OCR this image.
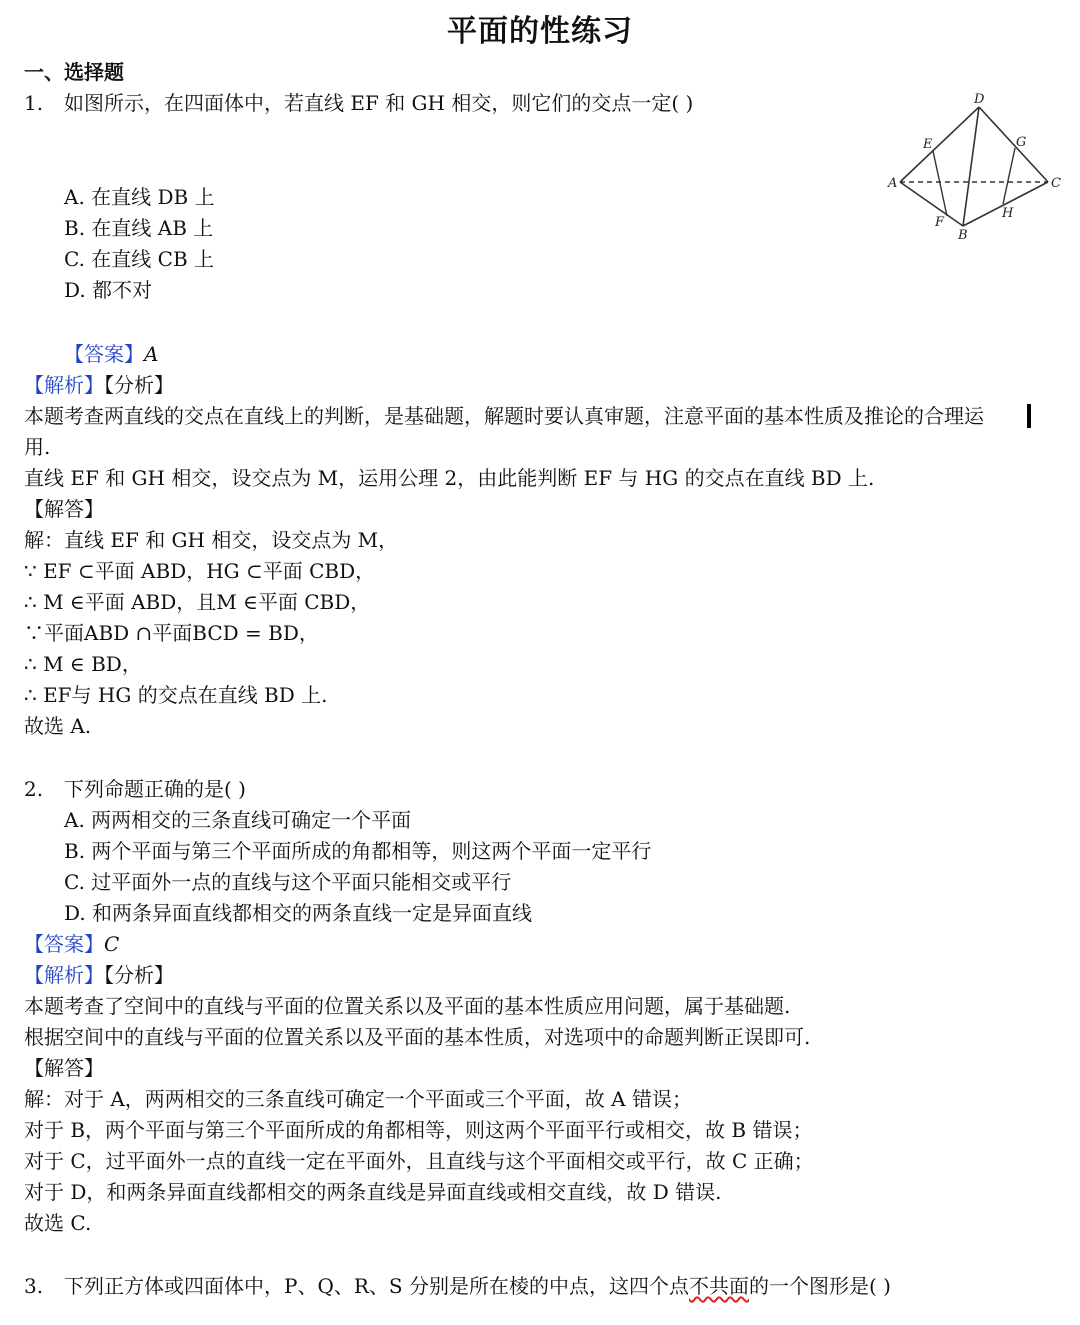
平面的性练习
一、选择题
1. 如图所示，在四面体中，若直线 EF 和 GH 相交，则它们的交点一定( )	D
A	C
B
E
F
G
H
A. 在直线 DB 上
B. 在直线 AB 上
C. 在直线 CB 上
D. 都不对
【答案】A
【解析】【分析】
本题考查两直线的交点在直线上的判断，是基础题，解题时要认真审题，注意平面的基本性质及推论的合理运
用.
直线 EF 和 GH 相交，设交点为 M，运用公理 2，由此能判断 EF 与 HG 的交点在直线 BD 上.
【解答】
解：直线 EF 和 GH 相交，设交点为 M，
∵ EF ⊂平面 ABD，HG ⊂平面 CBD，
∴ M ∈平面 ABD，且M ∈平面 CBD，
∵平面ABD ∩平面BCD = BD，
∴ M ∈ BD，
∴ EF与 HG 的交点在直线 BD 上.
故选 A.
2. 下列命题正确的是( )
A. 两两相交的三条直线可确定一个平面
B. 两个平面与第三个平面所成的角都相等，则这两个平面一定平行
C. 过平面外一点的直线与这个平面只能相交或平行
D. 和两条异面直线都相交的两条直线一定是异面直线
【答案】C
【解析】【分析】
本题考查了空间中的直线与平面的位置关系以及平面的基本性质应用问题，属于基础题.
根据空间中的直线与平面的位置关系以及平面的基本性质，对选项中的命题判断正误即可.
【解答】
解：对于 A，两两相交的三条直线可确定一个平面或三个平面，故 A 错误；
对于 B，两个平面与第三个平面所成的角都相等，则这两个平面平行或相交，故 B 错误；
对于 C，过平面外一点的直线一定在平面外，且直线与这个平面相交或平行，故 C 正确；
对于 D，和两条异面直线都相交的两条直线是异面直线或相交直线，故 D 错误.
故选 C.
3. 下列正方体或四面体中，P、Q、R、S 分别是所在棱的中点，这四个点不共面的一个图形是( )
